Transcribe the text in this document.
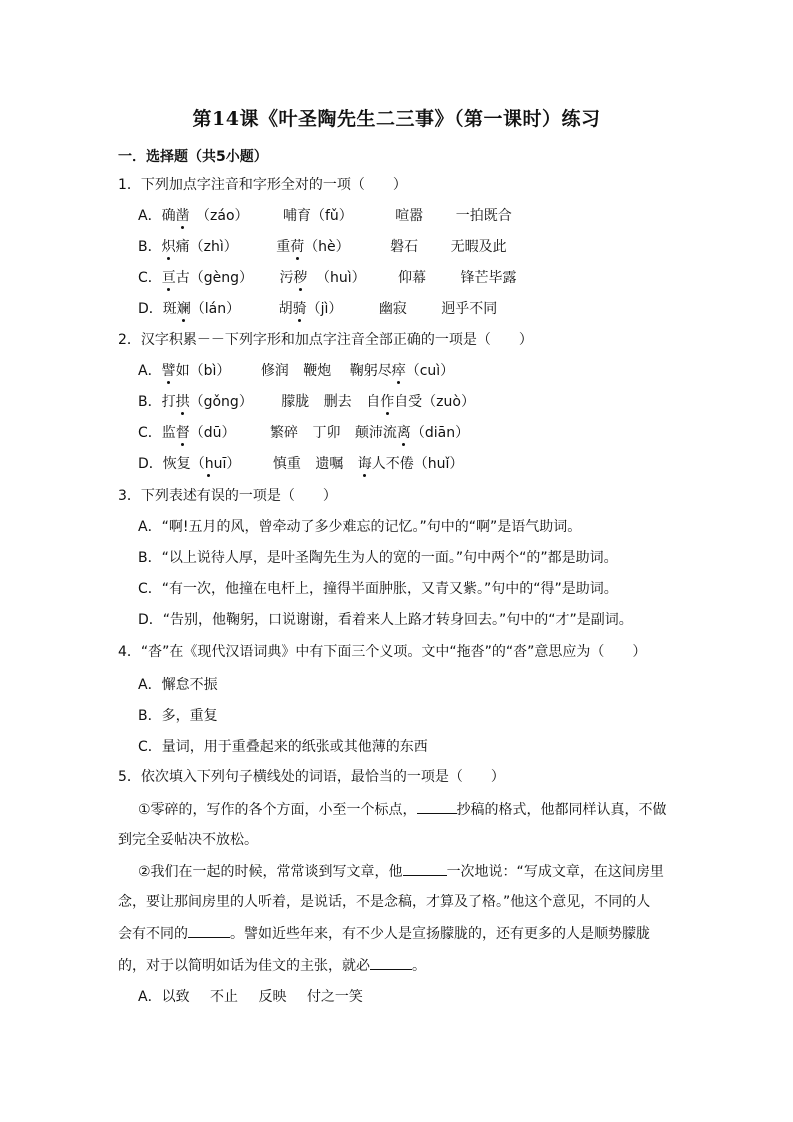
第14课《叶圣陶先生二三事》（第一课时）练习
一．选择题（共5小题）
1．下列加点字注音和字形全对的一项（　　）
A．确凿 （záo） 哺育（fǔ）	喧嚣 一拍既合
B．炽痛（zhì）	重荷（hè）	磐石 无暇及此
C．亘古（gèng） 污秽 （huì） 仰幕 锋芒毕露
D．斑斓（lán）	胡骑（jì）	幽寂 迥乎不同
2．汉字积累－－下列字形和加点字注音全部正确的一项是（　　）
A．譬如（bì） 修润 鞭炮 鞠躬尽瘁（cuì）
B．打拱（gǒng） 朦胧 删去 自作自受（zuò）
C．监督（dū） 繁碎 丁卯 颠沛流离（diān）
D．恢复（huī） 慎重 遗嘱 诲人不倦（huǐ）
3．下列表述有误的一项是（　　）
A．“啊!五月的风，曾牵动了多少难忘的记忆。”句中的“啊”是语气助词。
B．“以上说待人厚，是叶圣陶先生为人的宽的一面。”句中两个“的”都是助词。
C．“有一次，他撞在电杆上，撞得半面肿胀，又青又紫。”句中的“得”是助词。
D．“告别，他鞠躬，口说谢谢，看着来人上路才转身回去。”句中的“才”是副词。
4．“沓”在《现代汉语词典》中有下面三个义项。文中“拖沓”的“沓”意思应为（　　）
A．懈怠不振
B．多，重复
C．量词，用于重叠起来的纸张或其他薄的东西
5．依次填入下列句子横线处的词语，最恰当的一项是（　　）
①零碎的，写作的各个方面，小至一个标点，	抄稿的格式，他都同样认真，不做
到完全妥帖决不放松。
②我们在一起的时候，常常谈到写文章，他	一次地说：“写成文章，在这间房里
念，要让那间房里的人听着，是说话，不是念稿，才算及了格。”他这个意见，不同的人
会有不同的	。譬如近些年来，有不少人是宣扬朦胧的，还有更多的人是顺势朦胧
的，对于以简明如话为佳文的主张，就必	。
A．以致 不止 反映 付之一笑
